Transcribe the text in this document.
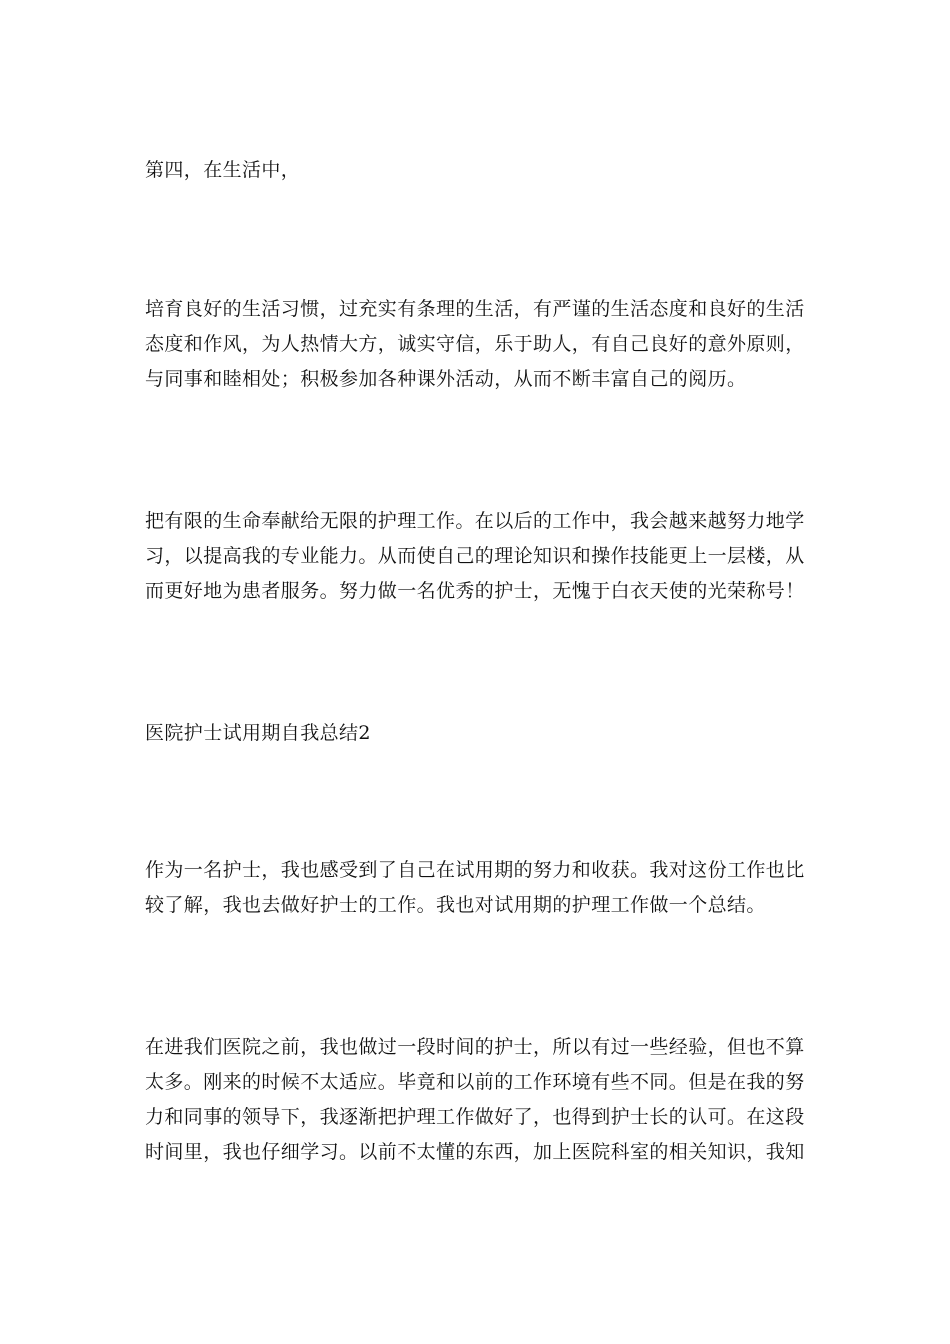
第四，在生活中，

培育良好的生活习惯，过充实有条理的生活，有严谨的生活态度和良好的生活
态度和作风，为人热情大方，诚实守信，乐于助人，有自己良好的意外原则，
与同事和睦相处；积极参加各种课外活动，从而不断丰富自己的阅历。

把有限的生命奉献给无限的护理工作。在以后的工作中，我会越来越努力地学
习，以提高我的专业能力。从而使自己的理论知识和操作技能更上一层楼，从
而更好地为患者服务。努力做一名优秀的护士，无愧于白衣天使的光荣称号！

医院护士试用期自我总结2

作为一名护士，我也感受到了自己在试用期的努力和收获。我对这份工作也比
较了解，我也去做好护士的工作。我也对试用期的护理工作做一个总结。

在进我们医院之前，我也做过一段时间的护士，所以有过一些经验，但也不算
太多。刚来的时候不太适应。毕竟和以前的工作环境有些不同。但是在我的努
力和同事的领导下，我逐渐把护理工作做好了，也得到护士长的认可。在这段
时间里，我也仔细学习。以前不太懂的东西，加上医院科室的相关知识，我知
